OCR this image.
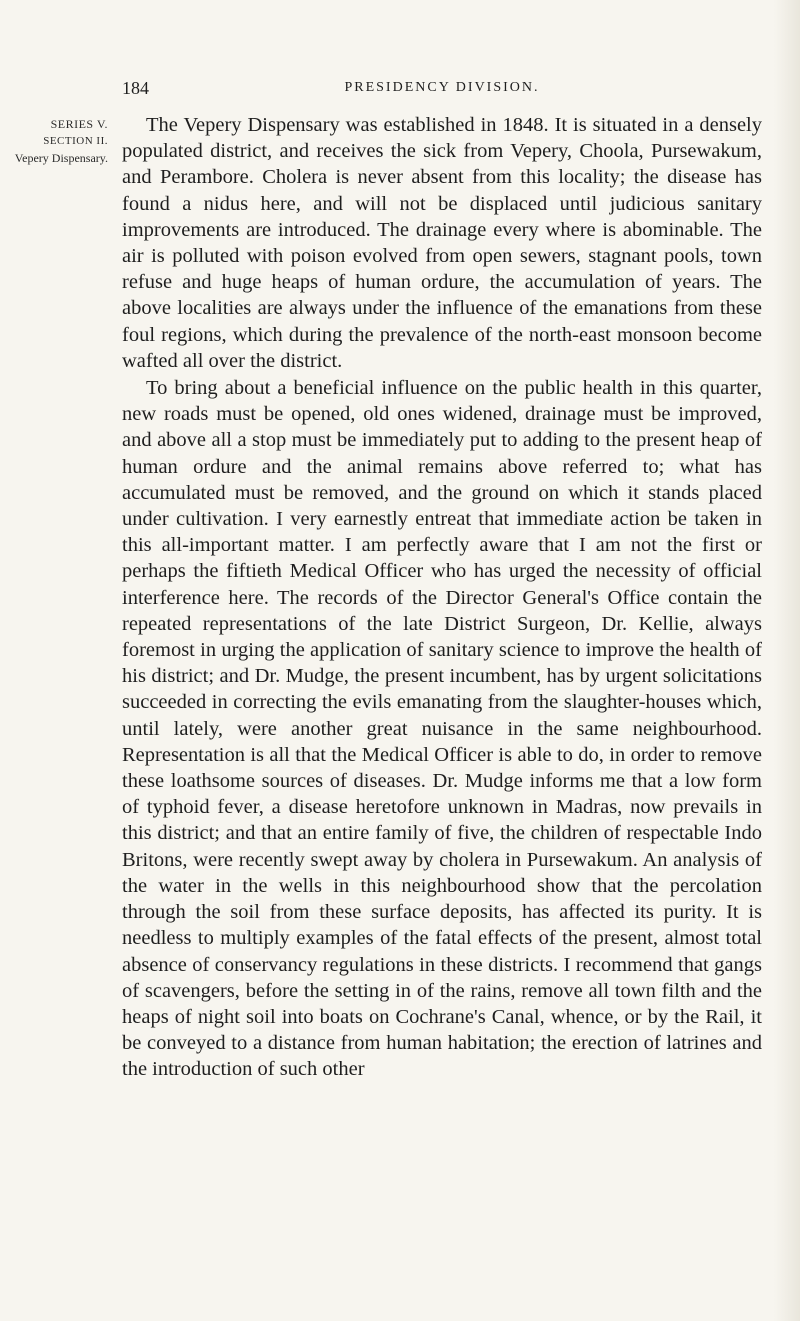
184	PRESIDENCY DIVISION.
SERIES V.
SECTION II.
Vepery Dispensary.

The Vepery Dispensary was established in 1848. It is situated in a densely populated district, and receives the sick from Vepery, Choola, Pursewakum, and Perambore. Cholera is never absent from this locality; the disease has found a nidus here, and will not be displaced until judicious sanitary improvements are introduced. The drainage every where is abominable. The air is polluted with poison evolved from open sewers, stagnant pools, town refuse and huge heaps of human ordure, the accumulation of years. The above localities are always under the influence of the emanations from these foul regions, which during the prevalence of the north-east monsoon become wafted all over the district.

To bring about a beneficial influence on the public health in this quarter, new roads must be opened, old ones widened, drainage must be improved, and above all a stop must be immediately put to adding to the present heap of human ordure and the animal remains above referred to; what has accumulated must be removed, and the ground on which it stands placed under cultivation. I very earnestly entreat that immediate action be taken in this all-important matter. I am perfectly aware that I am not the first or perhaps the fiftieth Medical Officer who has urged the necessity of official interference here. The records of the Director General's Office contain the repeated representations of the late District Surgeon, Dr. Kellie, always foremost in urging the application of sanitary science to improve the health of his district; and Dr. Mudge, the present incumbent, has by urgent solicitations succeeded in correcting the evils emanating from the slaughter-houses which, until lately, were another great nuisance in the same neighbourhood. Representation is all that the Medical Officer is able to do, in order to remove these loathsome sources of diseases. Dr. Mudge informs me that a low form of typhoid fever, a disease heretofore unknown in Madras, now prevails in this district; and that an entire family of five, the children of respectable Indo Britons, were recently swept away by cholera in Pursewakum. An analysis of the water in the wells in this neighbourhood show that the percolation through the soil from these surface deposits, has affected its purity. It is needless to multiply examples of the fatal effects of the present, almost total absence of conservancy regulations in these districts. I recommend that gangs of scavengers, before the setting in of the rains, remove all town filth and the heaps of night soil into boats on Cochrane's Canal, whence, or by the Rail, it be conveyed to a distance from human habitation; the erection of latrines and the introduction of such other
